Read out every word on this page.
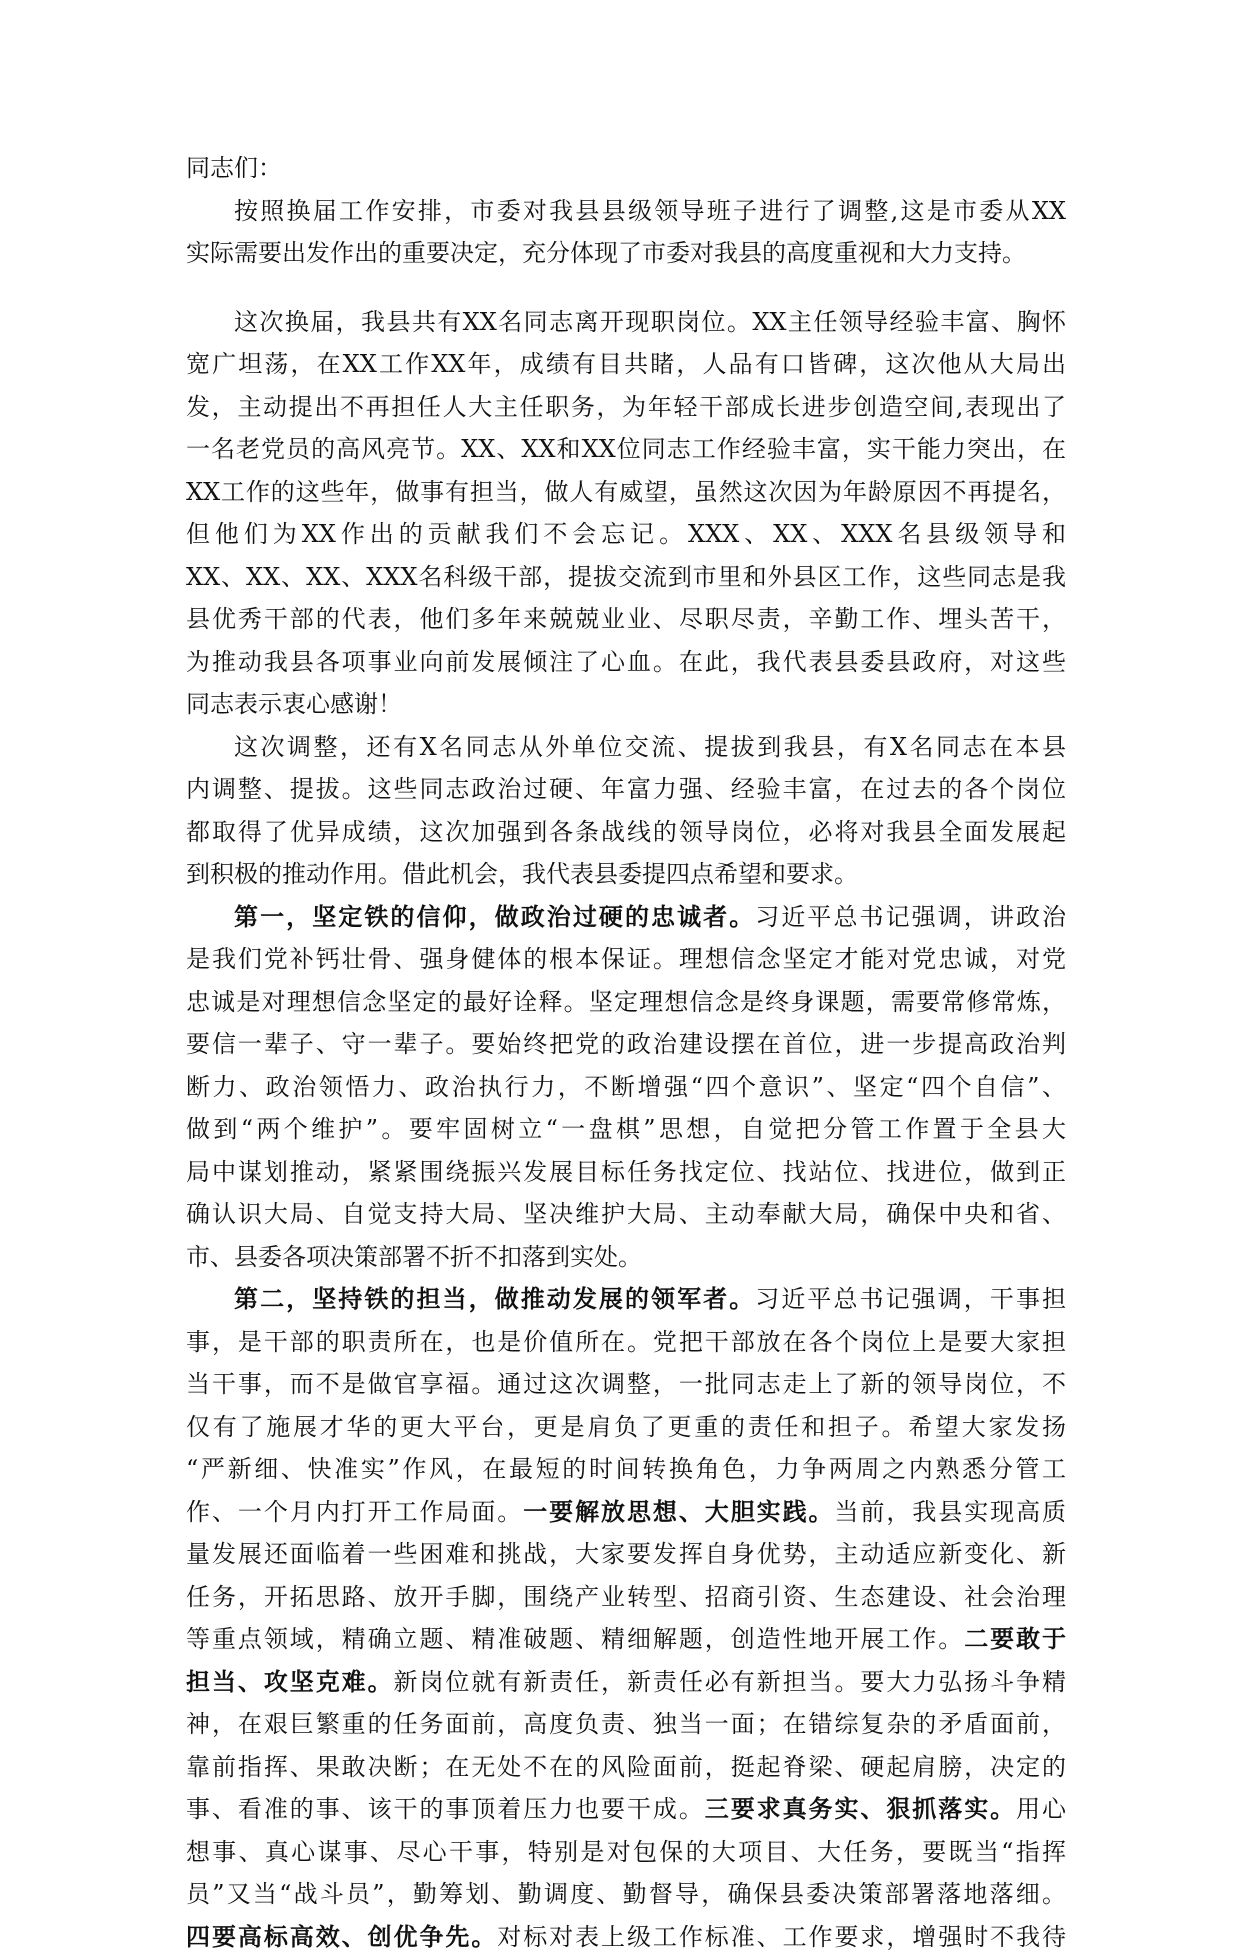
同志们：
按照换届工作安排，市委对我县县级领导班子进行了调整,这是市委从XX
实际需要出发作出的重要决定，充分体现了市委对我县的高度重视和大力支持。
这次换届，我县共有XX名同志离开现职岗位。XX主任领导经验丰富、胸怀
宽广坦荡，在XX工作XX年，成绩有目共睹，人品有口皆碑，这次他从大局出
发，主动提出不再担任人大主任职务，为年轻干部成长进步创造空间,表现出了
一名老党员的高风亮节。XX、XX和XX位同志工作经验丰富，实干能力突出，在
XX工作的这些年，做事有担当，做人有威望，虽然这次因为年龄原因不再提名，
但他们为XX作出的贡献我们不会忘记。XXX、XX、XXX名县级领导和
XX、XX、XX、XXX名科级干部，提拔交流到市里和外县区工作，这些同志是我
县优秀干部的代表，他们多年来兢兢业业、尽职尽责，辛勤工作、埋头苦干，
为推动我县各项事业向前发展倾注了心血。在此，我代表县委县政府，对这些
同志表示衷心感谢！
这次调整，还有X名同志从外单位交流、提拔到我县，有X名同志在本县
内调整、提拔。这些同志政治过硬、年富力强、经验丰富，在过去的各个岗位
都取得了优异成绩，这次加强到各条战线的领导岗位，必将对我县全面发展起
到积极的推动作用。借此机会，我代表县委提四点希望和要求。
第一，坚定铁的信仰，做政治过硬的忠诚者。习近平总书记强调，讲政治
是我们党补钙壮骨、强身健体的根本保证。理想信念坚定才能对党忠诚，对党
忠诚是对理想信念坚定的最好诠释。坚定理想信念是终身课题，需要常修常炼，
要信一辈子、守一辈子。要始终把党的政治建设摆在首位，进一步提高政治判
断力、政治领悟力、政治执行力，不断增强“四个意识”、坚定“四个自信”、
做到“两个维护”。要牢固树立“一盘棋”思想，自觉把分管工作置于全县大
局中谋划推动，紧紧围绕振兴发展目标任务找定位、找站位、找进位，做到正
确认识大局、自觉支持大局、坚决维护大局、主动奉献大局，确保中央和省、
市、县委各项决策部署不折不扣落到实处。
第二，坚持铁的担当，做推动发展的领军者。习近平总书记强调，干事担
事，是干部的职责所在，也是价值所在。党把干部放在各个岗位上是要大家担
当干事，而不是做官享福。通过这次调整，一批同志走上了新的领导岗位，不
仅有了施展才华的更大平台，更是肩负了更重的责任和担子。希望大家发扬
“严新细、快准实”作风，在最短的时间转换角色，力争两周之内熟悉分管工
作、一个月内打开工作局面。一要解放思想、大胆实践。当前，我县实现高质
量发展还面临着一些困难和挑战，大家要发挥自身优势，主动适应新变化、新
任务，开拓思路、放开手脚，围绕产业转型、招商引资、生态建设、社会治理
等重点领域，精确立题、精准破题、精细解题，创造性地开展工作。二要敢于
担当、攻坚克难。新岗位就有新责任，新责任必有新担当。要大力弘扬斗争精
神，在艰巨繁重的任务面前，高度负责、独当一面；在错综复杂的矛盾面前，
靠前指挥、果敢决断；在无处不在的风险面前，挺起脊梁、硬起肩膀，决定的
事、看准的事、该干的事顶着压力也要干成。三要求真务实、狠抓落实。用心
想事、真心谋事、尽心干事，特别是对包保的大项目、大任务，要既当“指挥
员”又当“战斗员”，勤筹划、勤调度、勤督导，确保县委决策部署落地落细。
四要高标高效、创优争先。对标对表上级工作标准、工作要求，增强时不我待
